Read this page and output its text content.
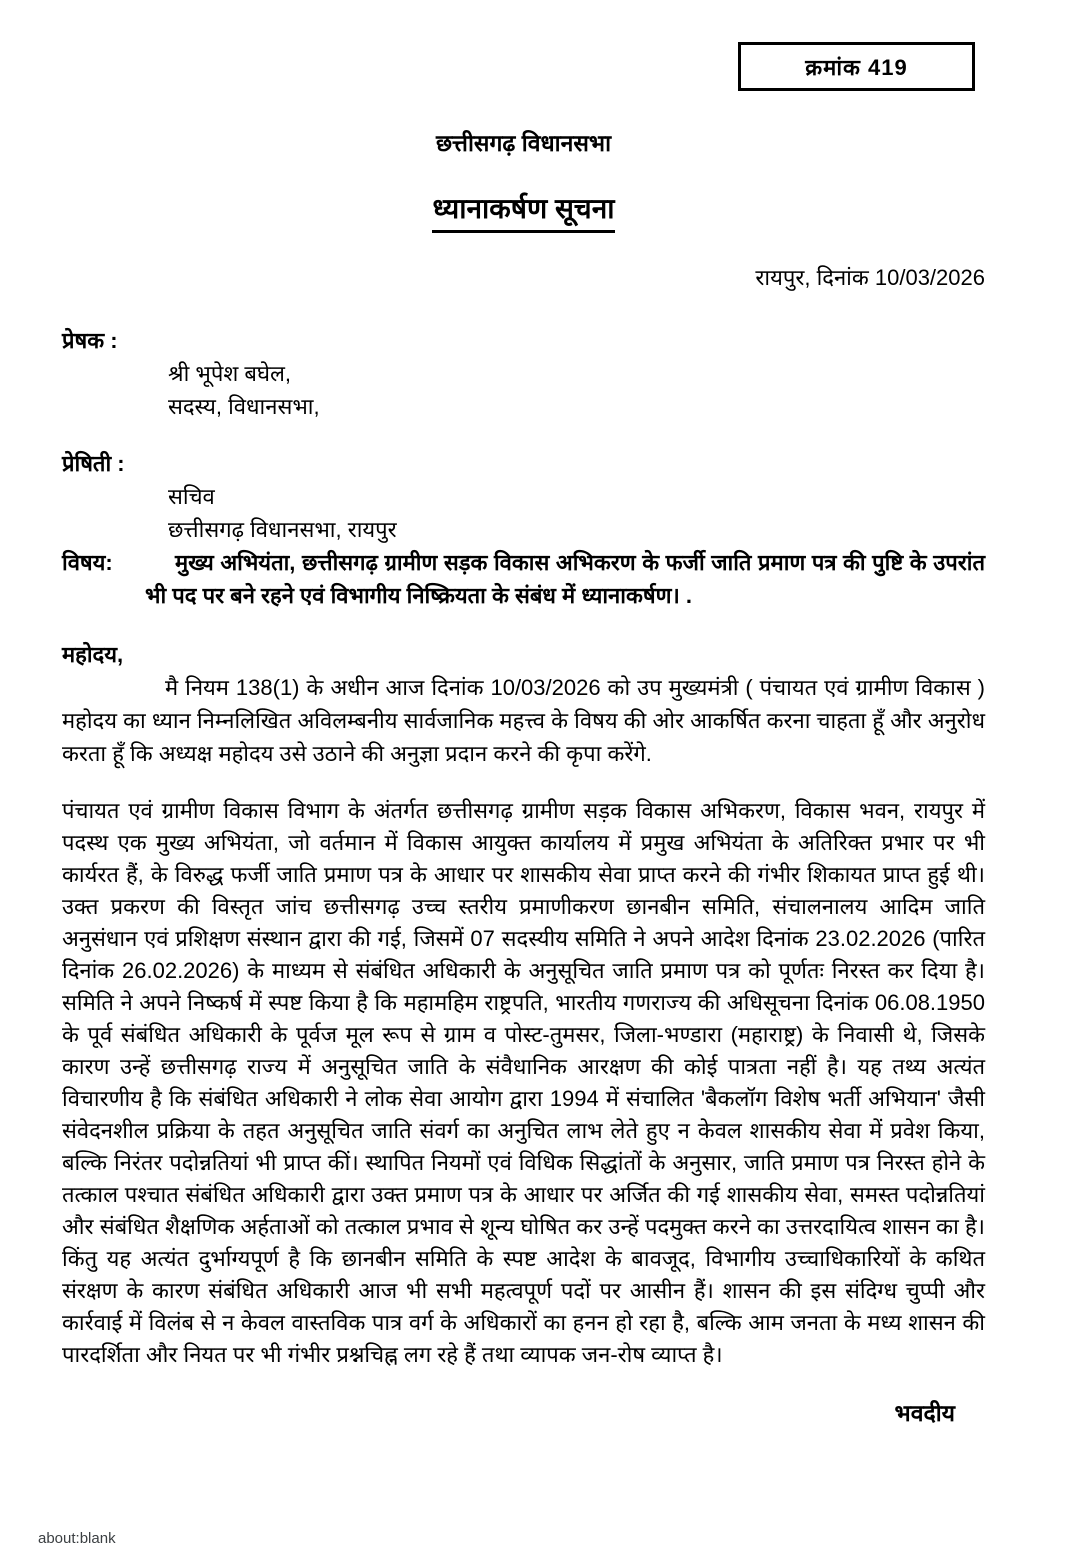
क्रमांक 419
छत्तीसगढ़ विधानसभा
ध्यानाकर्षण सूचना
रायपुर, दिनांक 10/03/2026
प्रेषक :
श्री भूपेश बघेल,
सदस्य, विधानसभा,
प्रेषिती :
सचिव
छत्तीसगढ़ विधानसभा, रायपुर
विषय:	मुख्य अभियंता, छत्तीसगढ़ ग्रामीण सड़क विकास अभिकरण के फर्जी जाति प्रमाण पत्र की पुष्टि के उपरांत भी पद पर बने रहने एवं विभागीय निष्क्रियता के संबंध में ध्यानाकर्षण। .
महोदय,
मै नियम 138(1) के अधीन आज दिनांक 10/03/2026 को उप मुख्यमंत्री ( पंचायत एवं ग्रामीण विकास ) महोदय का ध्यान निम्नलिखित अविलम्बनीय सार्वजानिक महत्त्व के विषय की ओर आकर्षित करना चाहता हूँ और अनुरोध करता हूँ कि अध्यक्ष महोदय उसे उठाने की अनुज्ञा प्रदान करने की कृपा करेंगे.
पंचायत एवं ग्रामीण विकास विभाग के अंतर्गत छत्तीसगढ़ ग्रामीण सड़क विकास अभिकरण, विकास भवन, रायपुर में पदस्थ एक मुख्य अभियंता, जो वर्तमान में विकास आयुक्त कार्यालय में प्रमुख अभियंता के अतिरिक्त प्रभार पर भी कार्यरत हैं, के विरुद्ध फर्जी जाति प्रमाण पत्र के आधार पर शासकीय सेवा प्राप्त करने की गंभीर शिकायत प्राप्त हुई थी। उक्त प्रकरण की विस्तृत जांच छत्तीसगढ़ उच्च स्तरीय प्रमाणीकरण छानबीन समिति, संचालनालय आदिम जाति अनुसंधान एवं प्रशिक्षण संस्थान द्वारा की गई, जिसमें 07 सदस्यीय समिति ने अपने आदेश दिनांक 23.02.2026 (पारित दिनांक 26.02.2026) के माध्यम से संबंधित अधिकारी के अनुसूचित जाति प्रमाण पत्र को पूर्णतः निरस्त कर दिया है। समिति ने अपने निष्कर्ष में स्पष्ट किया है कि महामहिम राष्ट्रपति, भारतीय गणराज्य की अधिसूचना दिनांक 06.08.1950 के पूर्व संबंधित अधिकारी के पूर्वज मूल रूप से ग्राम व पोस्ट-तुमसर, जिला-भण्डारा (महाराष्ट्र) के निवासी थे, जिसके कारण उन्हें छत्तीसगढ़ राज्य में अनुसूचित जाति के संवैधानिक आरक्षण की कोई पात्रता नहीं है। यह तथ्य अत्यंत विचारणीय है कि संबंधित अधिकारी ने लोक सेवा आयोग द्वारा 1994 में संचालित 'बैकलॉग विशेष भर्ती अभियान' जैसी संवेदनशील प्रक्रिया के तहत अनुसूचित जाति संवर्ग का अनुचित लाभ लेते हुए न केवल शासकीय सेवा में प्रवेश किया, बल्कि निरंतर पदोन्नतियां भी प्राप्त कीं। स्थापित नियमों एवं विधिक सिद्धांतों के अनुसार, जाति प्रमाण पत्र निरस्त होने के तत्काल पश्चात संबंधित अधिकारी द्वारा उक्त प्रमाण पत्र के आधार पर अर्जित की गई शासकीय सेवा, समस्त पदोन्नतियां और संबंधित शैक्षणिक अर्हताओं को तत्काल प्रभाव से शून्य घोषित कर उन्हें पदमुक्त करने का उत्तरदायित्व शासन का है। किंतु यह अत्यंत दुर्भाग्यपूर्ण है कि छानबीन समिति के स्पष्ट आदेश के बावजूद, विभागीय उच्चाधिकारियों के कथित संरक्षण के कारण संबंधित अधिकारी आज भी सभी महत्वपूर्ण पदों पर आसीन हैं। शासन की इस संदिग्ध चुप्पी और कार्रवाई में विलंब से न केवल वास्तविक पात्र वर्ग के अधिकारों का हनन हो रहा है, बल्कि आम जनता के मध्य शासन की पारदर्शिता और नियत पर भी गंभीर प्रश्नचिह्न लग रहे हैं तथा व्यापक जन-रोष व्याप्त है।
भवदीय
about:blank
